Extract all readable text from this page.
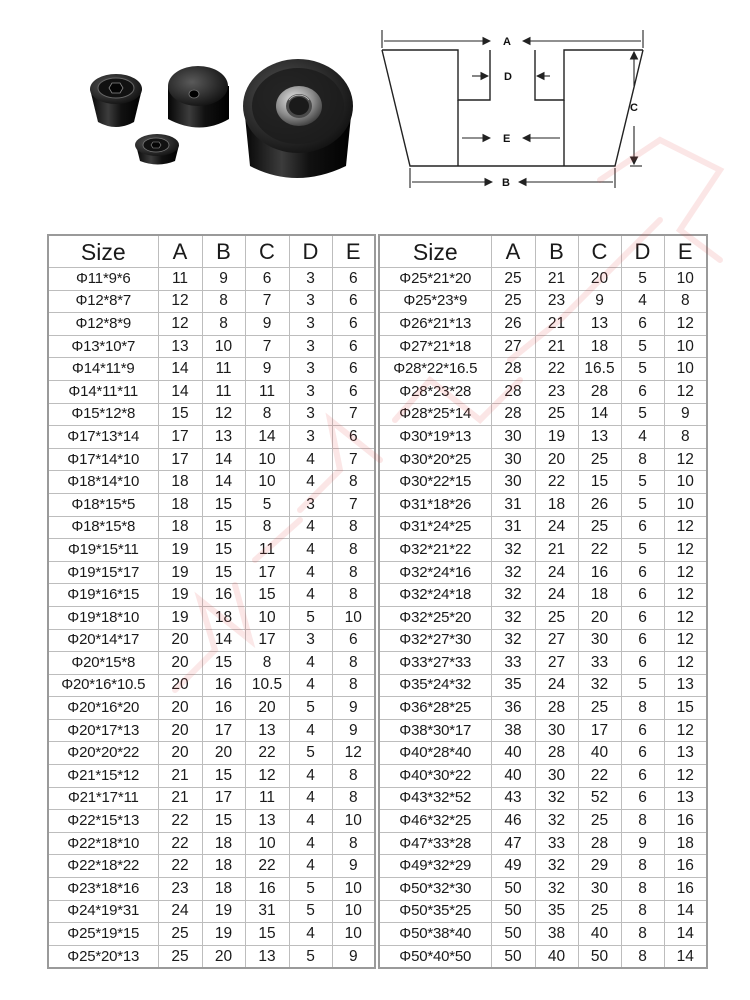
A
D
C
E
B
Size	A	B	C	D	E
Φ11*9*6	11	9	6	3	6
Φ12*8*7	12	8	7	3	6
Φ12*8*9	12	8	9	3	6
Φ13*10*7	13	10	7	3	6
Φ14*11*9	14	11	9	3	6
Φ14*11*11	14	11	11	3	6
Φ15*12*8	15	12	8	3	7
Φ17*13*14	17	13	14	3	6
Φ17*14*10	17	14	10	4	7
Φ18*14*10	18	14	10	4	8
Φ18*15*5	18	15	5	3	7
Φ18*15*8	18	15	8	4	8
Φ19*15*11	19	15	11	4	8
Φ19*15*17	19	15	17	4	8
Φ19*16*15	19	16	15	4	8
Φ19*18*10	19	18	10	5	10
Φ20*14*17	20	14	17	3	6
Φ20*15*8	20	15	8	4	8
Φ20*16*10.5	20	16	10.5	4	8
Φ20*16*20	20	16	20	5	9
Φ20*17*13	20	17	13	4	9
Φ20*20*22	20	20	22	5	12
Φ21*15*12	21	15	12	4	8
Φ21*17*11	21	17	11	4	8
Φ22*15*13	22	15	13	4	10
Φ22*18*10	22	18	10	4	8
Φ22*18*22	22	18	22	4	9
Φ23*18*16	23	18	16	5	10
Φ24*19*31	24	19	31	5	10
Φ25*19*15	25	19	15	4	10
Φ25*20*13	25	20	13	5	9
Size	A	B	C	D	E
Φ25*21*20	25	21	20	5	10
Φ25*23*9	25	23	9	4	8
Φ26*21*13	26	21	13	6	12
Φ27*21*18	27	21	18	5	10
Φ28*22*16.5	28	22	16.5	5	10
Φ28*23*28	28	23	28	6	12
Φ28*25*14	28	25	14	5	9
Φ30*19*13	30	19	13	4	8
Φ30*20*25	30	20	25	8	12
Φ30*22*15	30	22	15	5	10
Φ31*18*26	31	18	26	5	10
Φ31*24*25	31	24	25	6	12
Φ32*21*22	32	21	22	5	12
Φ32*24*16	32	24	16	6	12
Φ32*24*18	32	24	18	6	12
Φ32*25*20	32	25	20	6	12
Φ32*27*30	32	27	30	6	12
Φ33*27*33	33	27	33	6	12
Φ35*24*32	35	24	32	5	13
Φ36*28*25	36	28	25	8	15
Φ38*30*17	38	30	17	6	12
Φ40*28*40	40	28	40	6	13
Φ40*30*22	40	30	22	6	12
Φ43*32*52	43	32	52	6	13
Φ46*32*25	46	32	25	8	16
Φ47*33*28	47	33	28	9	18
Φ49*32*29	49	32	29	8	16
Φ50*32*30	50	32	30	8	16
Φ50*35*25	50	35	25	8	14
Φ50*38*40	50	38	40	8	14
Φ50*40*50	50	40	50	8	14
